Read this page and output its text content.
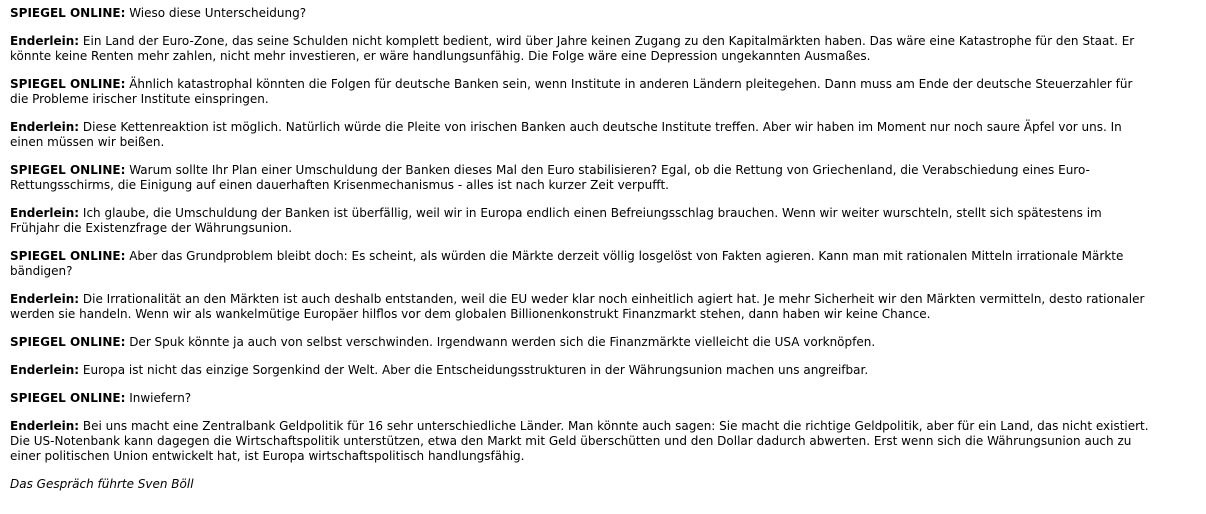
SPIEGEL ONLINE: Wieso diese Unterscheidung?

Enderlein: Ein Land der Euro-Zone, das seine Schulden nicht komplett bedient, wird über Jahre keinen Zugang zu den Kapitalmärkten haben. Das wäre eine Katastrophe für den Staat. Er könnte keine Renten mehr zahlen, nicht mehr investieren, er wäre handlungsunfähig. Die Folge wäre eine Depression ungekannten Ausmaßes.

SPIEGEL ONLINE: Ähnlich katastrophal könnten die Folgen für deutsche Banken sein, wenn Institute in anderen Ländern pleitegehen. Dann muss am Ende der deutsche Steuerzahler für die Probleme irischer Institute einspringen.

Enderlein: Diese Kettenreaktion ist möglich. Natürlich würde die Pleite von irischen Banken auch deutsche Institute treffen. Aber wir haben im Moment nur noch saure Äpfel vor uns. In einen müssen wir beißen.

SPIEGEL ONLINE: Warum sollte Ihr Plan einer Umschuldung der Banken dieses Mal den Euro stabilisieren? Egal, ob die Rettung von Griechenland, die Verabschiedung eines Euro-Rettungsschirms, die Einigung auf einen dauerhaften Krisenmechanismus - alles ist nach kurzer Zeit verpufft.

Enderlein: Ich glaube, die Umschuldung der Banken ist überfällig, weil wir in Europa endlich einen Befreiungsschlag brauchen. Wenn wir weiter wurschteln, stellt sich spätestens im Frühjahr die Existenzfrage der Währungsunion.

SPIEGEL ONLINE: Aber das Grundproblem bleibt doch: Es scheint, als würden die Märkte derzeit völlig losgelöst von Fakten agieren. Kann man mit rationalen Mitteln irrationale Märkte bändigen?

Enderlein: Die Irrationalität an den Märkten ist auch deshalb entstanden, weil die EU weder klar noch einheitlich agiert hat. Je mehr Sicherheit wir den Märkten vermitteln, desto rationaler werden sie handeln. Wenn wir als wankelmütige Europäer hilflos vor dem globalen Billionenkonstrukt Finanzmarkt stehen, dann haben wir keine Chance.

SPIEGEL ONLINE: Der Spuk könnte ja auch von selbst verschwinden. Irgendwann werden sich die Finanzmärkte vielleicht die USA vorknöpfen.

Enderlein: Europa ist nicht das einzige Sorgenkind der Welt. Aber die Entscheidungsstrukturen in der Währungsunion machen uns angreifbar.

SPIEGEL ONLINE: Inwiefern?

Enderlein: Bei uns macht eine Zentralbank Geldpolitik für 16 sehr unterschiedliche Länder. Man könnte auch sagen: Sie macht die richtige Geldpolitik, aber für ein Land, das nicht existiert. Die US-Notenbank kann dagegen die Wirtschaftspolitik unterstützen, etwa den Markt mit Geld überschütten und den Dollar dadurch abwerten. Erst wenn sich die Währungsunion auch zu einer politischen Union entwickelt hat, ist Europa wirtschaftspolitisch handlungsfähig.

Das Gespräch führte Sven Böll
